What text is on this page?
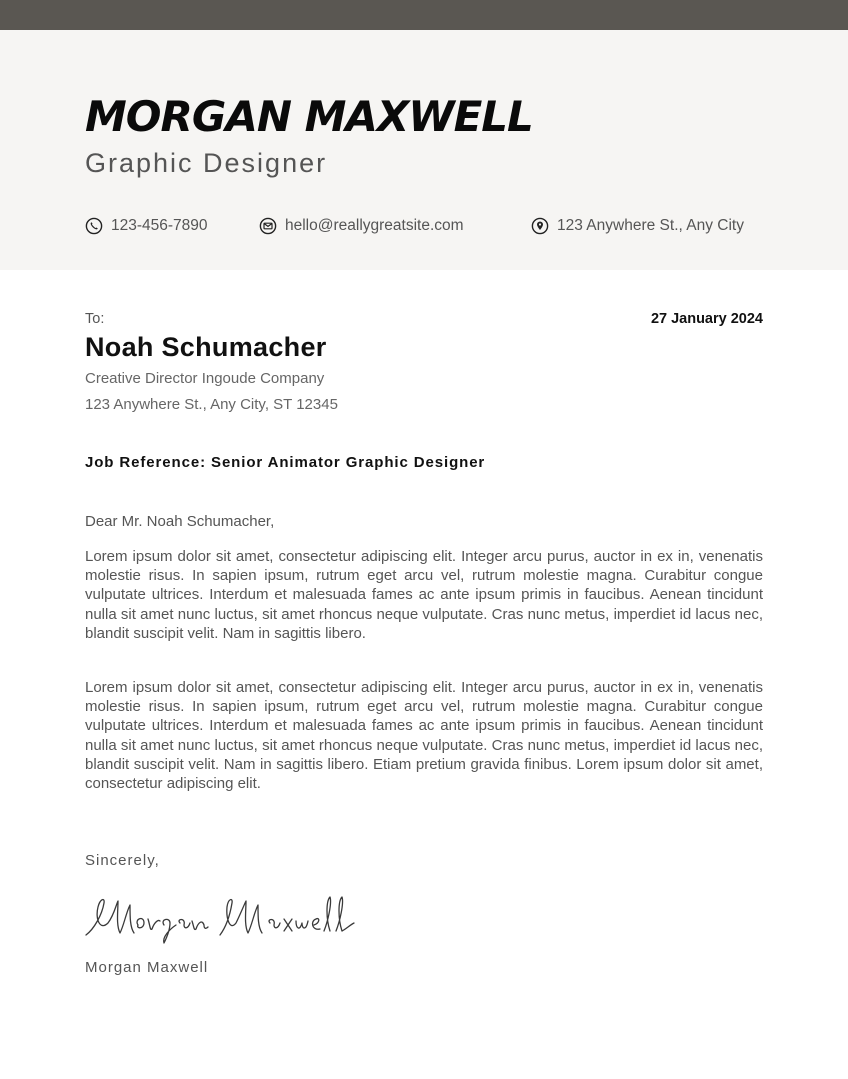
MORGAN MAXWELL
Graphic Designer
123-456-7890	hello@reallygreatsite.com	123 Anywhere St., Any City
To:	27 January 2024
Noah Schumacher
Creative Director Ingoude Company
123 Anywhere St., Any City, ST 12345
Job Reference: Senior Animator Graphic Designer
Dear Mr. Noah Schumacher,

Lorem ipsum dolor sit amet, consectetur adipiscing elit. Integer arcu purus, auctor in ex in, venenatis molestie risus. In sapien ipsum, rutrum eget arcu vel, rutrum molestie magna. Curabitur congue vulputate ultrices. Interdum et malesuada fames ac ante ipsum primis in faucibus. Aenean tincidunt nulla sit amet nunc luctus, sit amet rhoncus neque vulputate. Cras nunc metus, imperdiet id lacus nec, blandit suscipit velit. Nam in sagittis libero.

Lorem ipsum dolor sit amet, consectetur adipiscing elit. Integer arcu purus, auctor in ex in, venenatis molestie risus. In sapien ipsum, rutrum eget arcu vel, rutrum molestie magna. Curabitur congue vulputate ultrices. Interdum et malesuada fames ac ante ipsum primis in faucibus. Aenean tincidunt nulla sit amet nunc luctus, sit amet rhoncus neque vulputate. Cras nunc metus, imperdiet id lacus nec, blandit suscipit velit. Nam in sagittis libero. Etiam pretium gravida finibus. Lorem ipsum dolor sit amet, consectetur adipiscing elit.

Sincerely,
Morgan Maxwell
